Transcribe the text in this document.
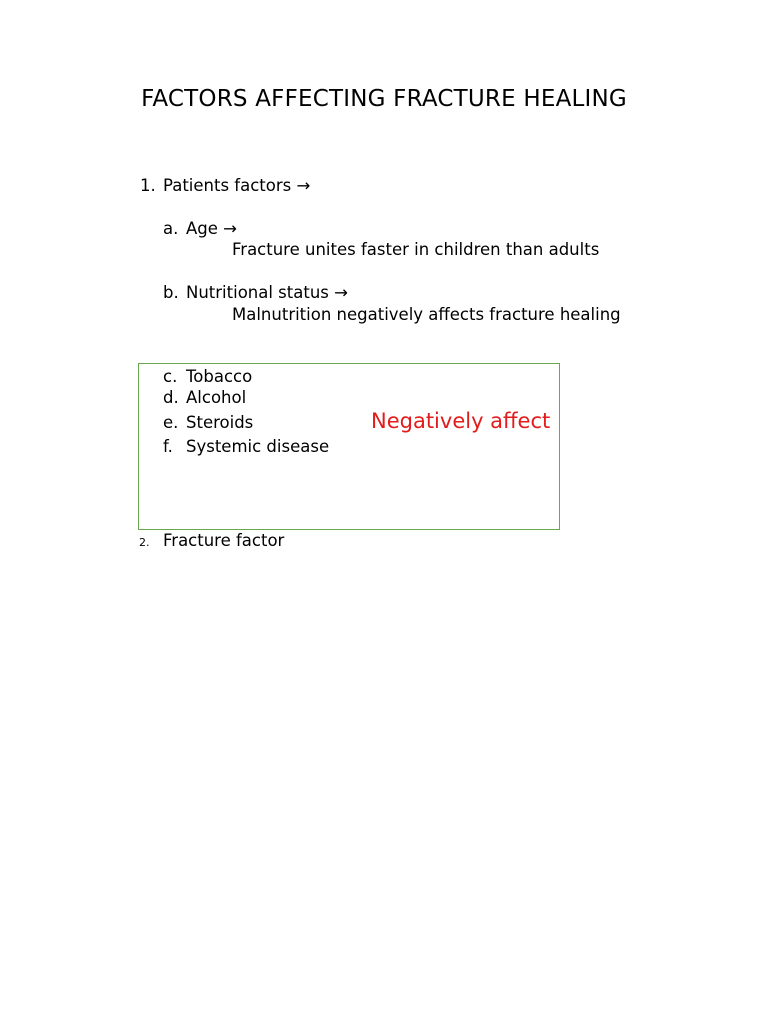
FACTORS AFFECTING FRACTURE HEALING
1. Patients factors →
a. Age →
Fracture unites faster in children than adults
b. Nutritional status →
Malnutrition negatively affects fracture healing
c. Tobacco
d. Alcohol
e. Steroids
f. Systemic disease
Negatively affect
2. Fracture factor
